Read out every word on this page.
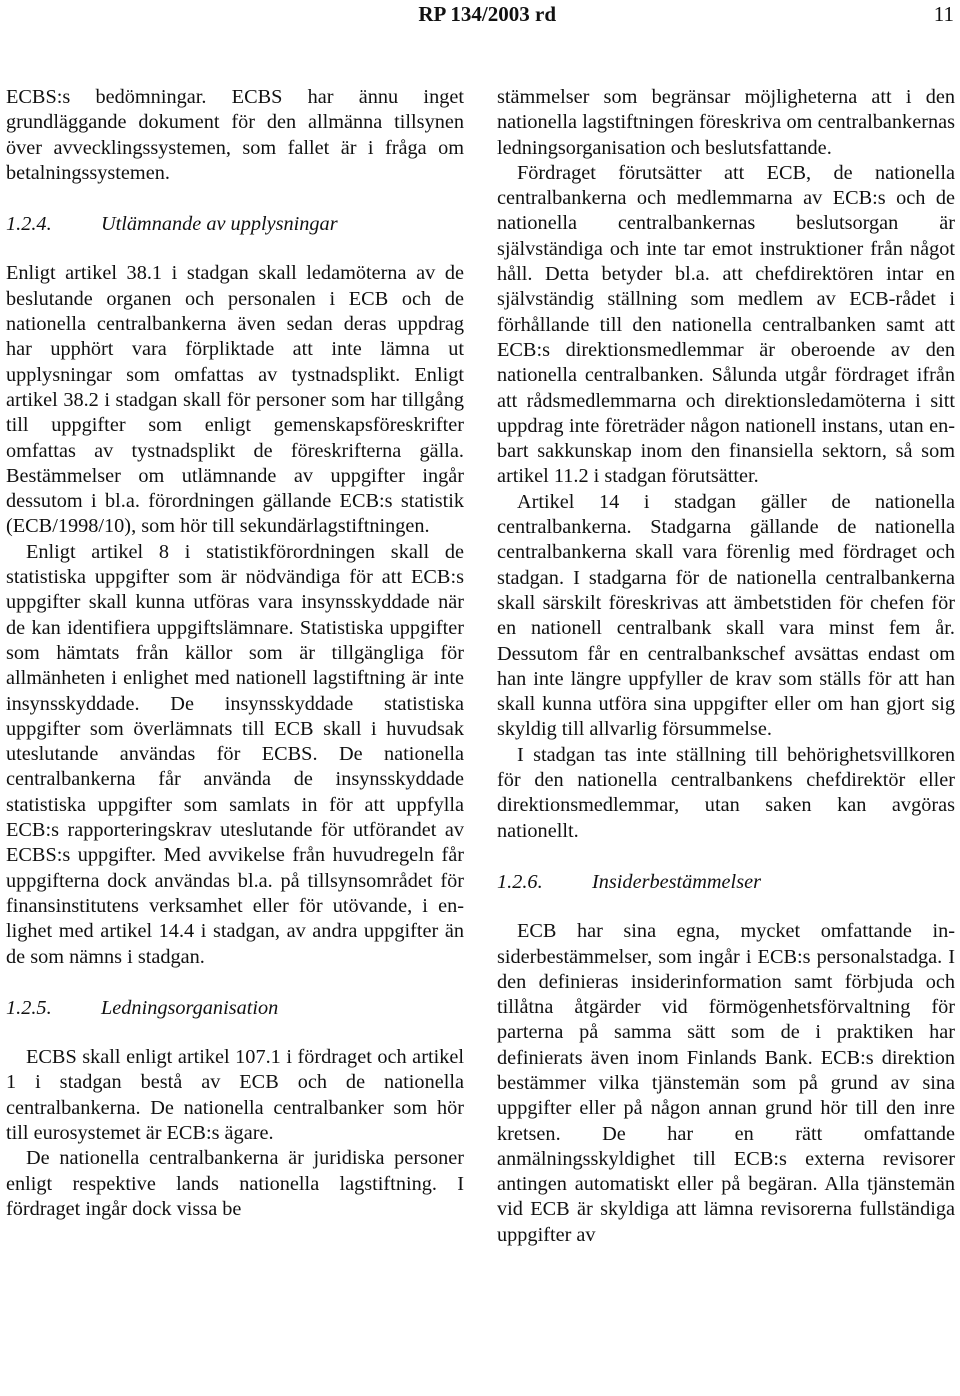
RP 134/2003 rd	11

ECBS:s bedömningar. ECBS har ännu inget grundläggande dokument för den allmänna tillsynen över avvecklingssystemen, som fallet är i fråga om betalningssystemen.

1.2.4.	Utlämnande av upplysningar

Enligt artikel 38.1 i stadgan skall ledamöterna av de beslutande organen och personalen i ECB och de nationella centralbankerna även sedan deras uppdrag har upphört vara förpliktade att inte lämna ut upplysningar som omfattas av tystnadsplikt. Enligt artikel 38.2 i stadgan skall för personer som har tillgång till uppgifter som enligt gemenskapsföreskrifter omfattas av tystnadsplikt de föreskrifterna gälla. Bestämmelser om utlämnande av uppgifter ingår dessutom i bl.a. förordningen gällande ECB:s statistik (ECB/1998/10), som hör till sekundärlagstiftningen.

Enligt artikel 8 i statistikförordningen skall de statistiska uppgifter som är nödvändiga för att ECB:s uppgifter skall kunna utföras vara insynsskyddade när de kan identifiera uppgiftslämnare. Statistiska uppgifter som hämtats från källor som är tillgängliga för allmänheten i enlighet med nationell lagstiftning är inte insynsskyddade. De insynsskyddade statistiska uppgifter som överlämnats till ECB skall i huvudsak uteslutande användas för ECBS. De nationella centralbankerna får använda de insynsskyddade statistiska uppgifter som samlats in för att uppfylla ECB:s rapporteringskrav uteslutande för utförandet av ECBS:s uppgifter. Med avvikelse från huvudregeln får uppgifterna dock användas bl.a. på tillsynsområdet för finansinstitutens verksamhet eller för utövande, i enlighet med artikel 14.4 i stadgan, av andra uppgifter än de som nämns i stadgan.

1.2.5.	Ledningsorganisation

ECBS skall enligt artikel 107.1 i fördraget och artikel 1 i stadgan bestå av ECB och de nationella centralbankerna. De nationella centralbanker som hör till eurosystemet är ECB:s ägare.

De nationella centralbankerna är juridiska personer enligt respektive lands nationella lagstiftning. I fördraget ingår dock vissa be

stämmelser som begränsar möjligheterna att i den nationella lagstiftningen föreskriva om centralbankernas ledningsorganisation och beslutsfattande.

Fördraget förutsätter att ECB, de nationella centralbankerna och medlemmarna av ECB:s och de nationella centralbankernas beslutsorgan är självständiga och inte tar emot instruktioner från något håll. Detta betyder bl.a. att chefdirektören intar en självständig ställning som medlem av ECB-rådet i förhållande till den nationella centralbanken samt att ECB:s direktionsmedlemmar är oberoende av den nationella centralbanken. Sålunda utgår fördraget ifrån att rådsmedlemmarna och direktionsledamöterna i sitt uppdrag inte företräder någon nationell instans, utan enbart sakkunskap inom den finansiella sektorn, så som artikel 11.2 i stadgan förutsätter.

Artikel 14 i stadgan gäller de nationella centralbankerna. Stadgarna gällande de nationella centralbankerna skall vara förenlig med fördraget och stadgan. I stadgarna för de nationella centralbankerna skall särskilt föreskrivas att ämbetstiden för chefen för en nationell centralbank skall vara minst fem år. Dessutom får en centralbankschef avsättas endast om han inte längre uppfyller de krav som ställs för att han skall kunna utföra sina uppgifter eller om han gjort sig skyldig till allvarlig försummelse.

I stadgan tas inte ställning till behörighetsvillkoren för den nationella centralbankens chefdirektör eller direktionsmedlemmar, utan saken kan avgöras nationellt.

1.2.6.	Insiderbestämmelser

ECB har sina egna, mycket omfattande insiderbestämmelser, som ingår i ECB:s personalstadga. I den definieras insiderinformation samt förbjuda och tillåtna åtgärder vid förmögenhetsförvaltning för parterna på samma sätt som de i praktiken har definierats även inom Finlands Bank. ECB:s direktion bestämmer vilka tjänstemän som på grund av sina uppgifter eller på någon annan grund hör till den inre kretsen. De har en rätt omfattande anmälningsskyldighet till ECB:s externa revisorer antingen automatiskt eller på begäran. Alla tjänstemän vid ECB är skyldiga att lämna revisorerna fullständiga uppgifter av
